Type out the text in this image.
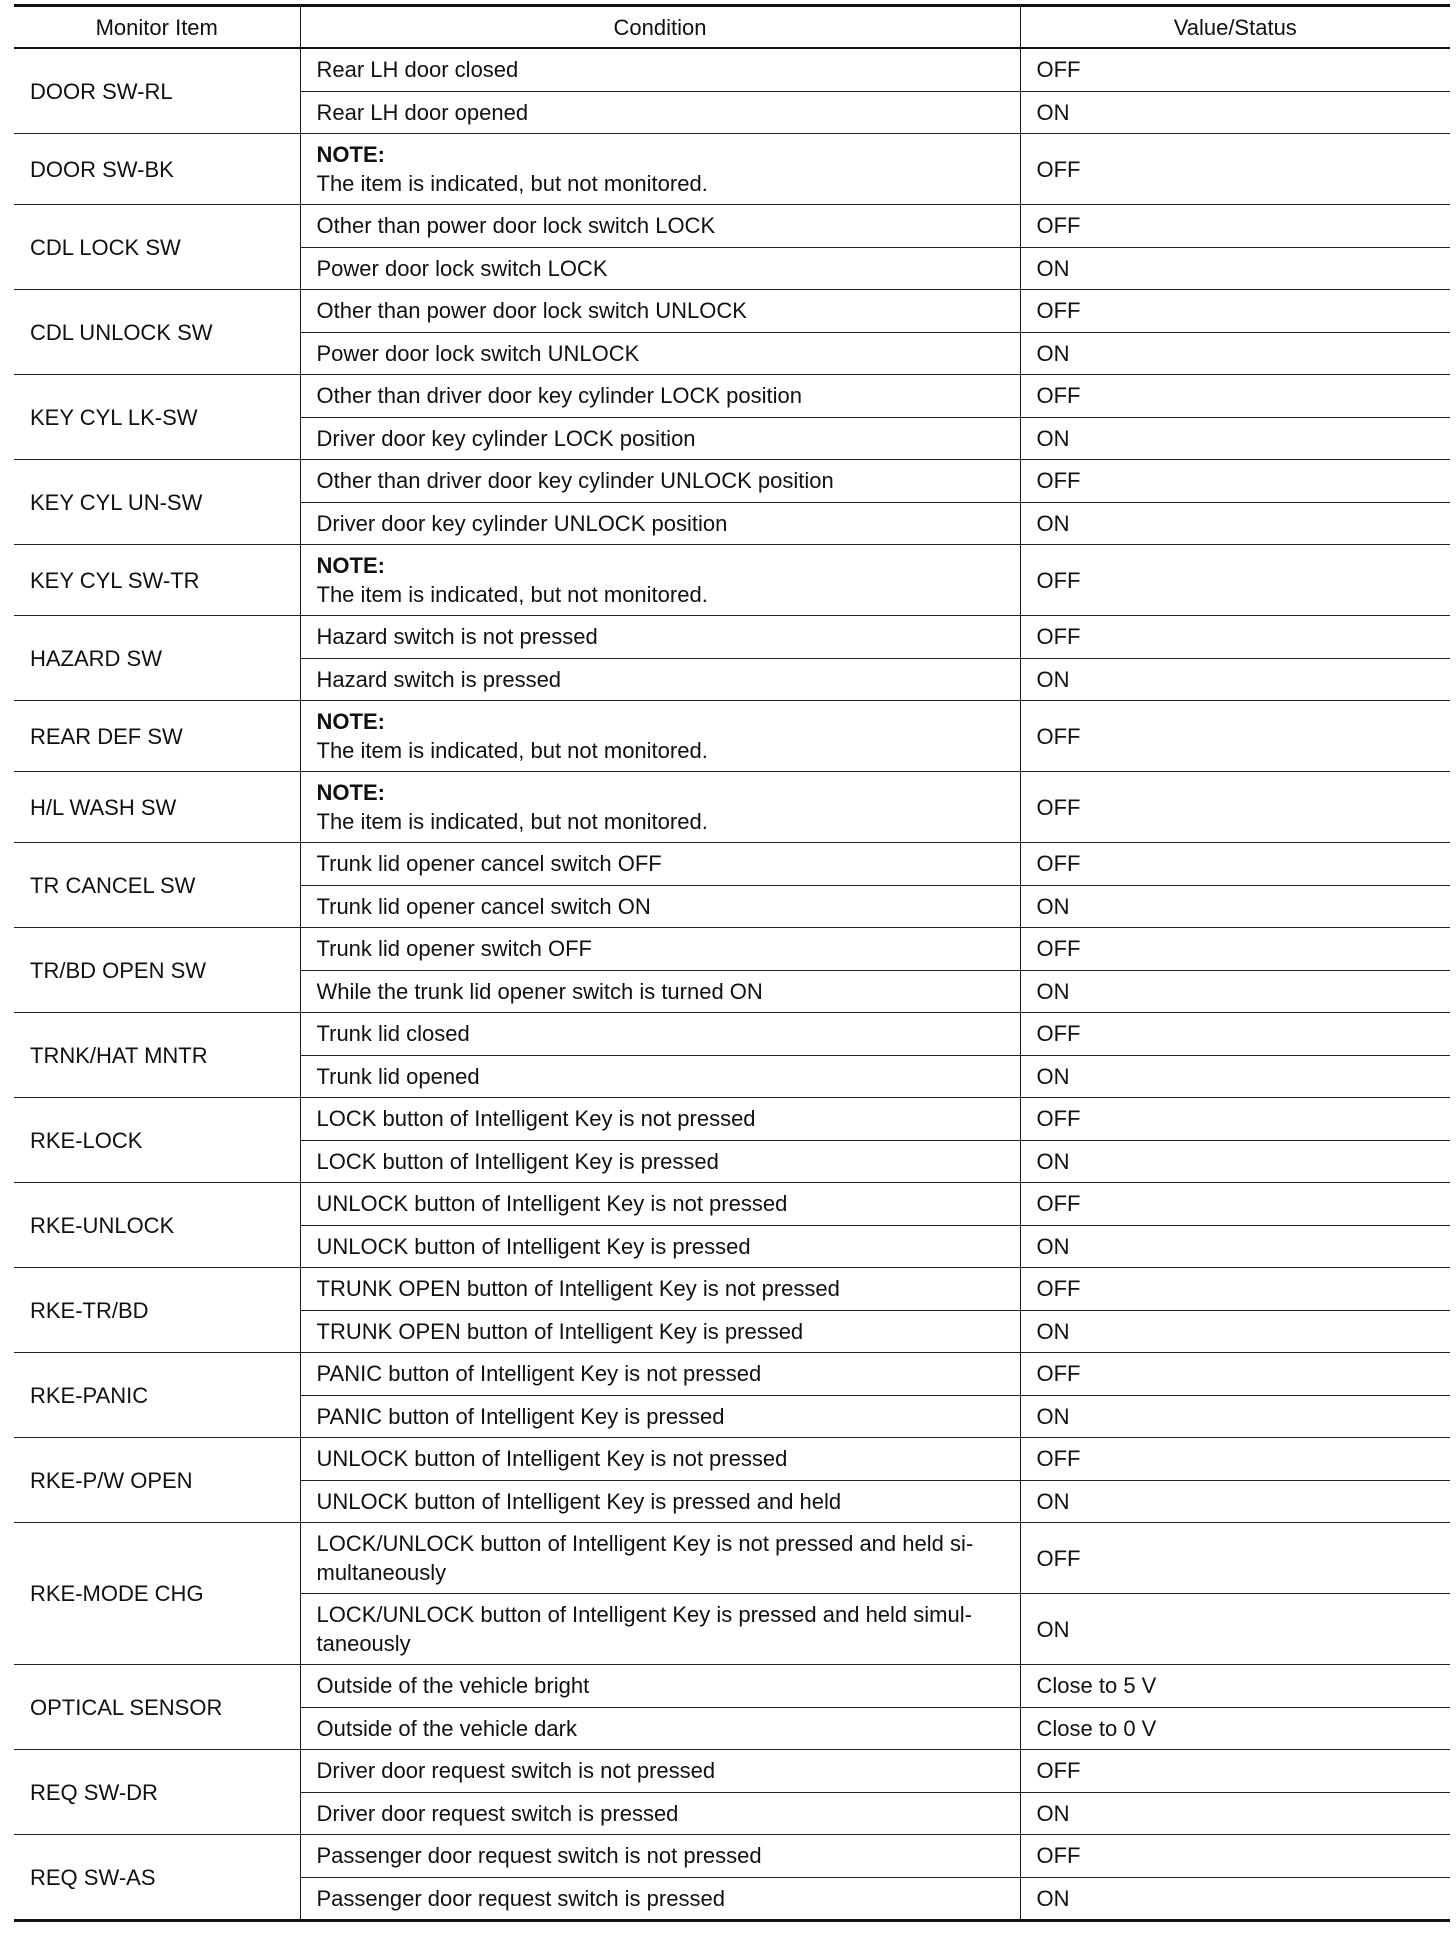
Monitor Item	Condition	Value/Status
DOOR SW-RL	Rear LH door closed	OFF
	Rear LH door opened	ON
DOOR SW-BK	NOTE:
The item is indicated, but not monitored.	OFF
CDL LOCK SW	Other than power door lock switch LOCK	OFF
	Power door lock switch LOCK	ON
CDL UNLOCK SW	Other than power door lock switch UNLOCK	OFF
	Power door lock switch UNLOCK	ON
KEY CYL LK-SW	Other than driver door key cylinder LOCK position	OFF
	Driver door key cylinder LOCK position	ON
KEY CYL UN-SW	Other than driver door key cylinder UNLOCK position	OFF
	Driver door key cylinder UNLOCK position	ON
KEY CYL SW-TR	NOTE:
The item is indicated, but not monitored.	OFF
HAZARD SW	Hazard switch is not pressed	OFF
	Hazard switch is pressed	ON
REAR DEF SW	NOTE:
The item is indicated, but not monitored.	OFF
H/L WASH SW	NOTE:
The item is indicated, but not monitored.	OFF
TR CANCEL SW	Trunk lid opener cancel switch OFF	OFF
	Trunk lid opener cancel switch ON	ON
TR/BD OPEN SW	Trunk lid opener switch OFF	OFF
	While the trunk lid opener switch is turned ON	ON
TRNK/HAT MNTR	Trunk lid closed	OFF
	Trunk lid opened	ON
RKE-LOCK	LOCK button of Intelligent Key is not pressed	OFF
	LOCK button of Intelligent Key is pressed	ON
RKE-UNLOCK	UNLOCK button of Intelligent Key is not pressed	OFF
	UNLOCK button of Intelligent Key is pressed	ON
RKE-TR/BD	TRUNK OPEN button of Intelligent Key is not pressed	OFF
	TRUNK OPEN button of Intelligent Key is pressed	ON
RKE-PANIC	PANIC button of Intelligent Key is not pressed	OFF
	PANIC button of Intelligent Key is pressed	ON
RKE-P/W OPEN	UNLOCK button of Intelligent Key is not pressed	OFF
	UNLOCK button of Intelligent Key is pressed and held	ON
RKE-MODE CHG	LOCK/UNLOCK button of Intelligent Key is not pressed and held si-
multaneously	OFF
	LOCK/UNLOCK button of Intelligent Key is pressed and held simul-
taneously	ON
OPTICAL SENSOR	Outside of the vehicle bright	Close to 5 V
	Outside of the vehicle dark	Close to 0 V
REQ SW-DR	Driver door request switch is not pressed	OFF
	Driver door request switch is pressed	ON
REQ SW-AS	Passenger door request switch is not pressed	OFF
	Passenger door request switch is pressed	ON
